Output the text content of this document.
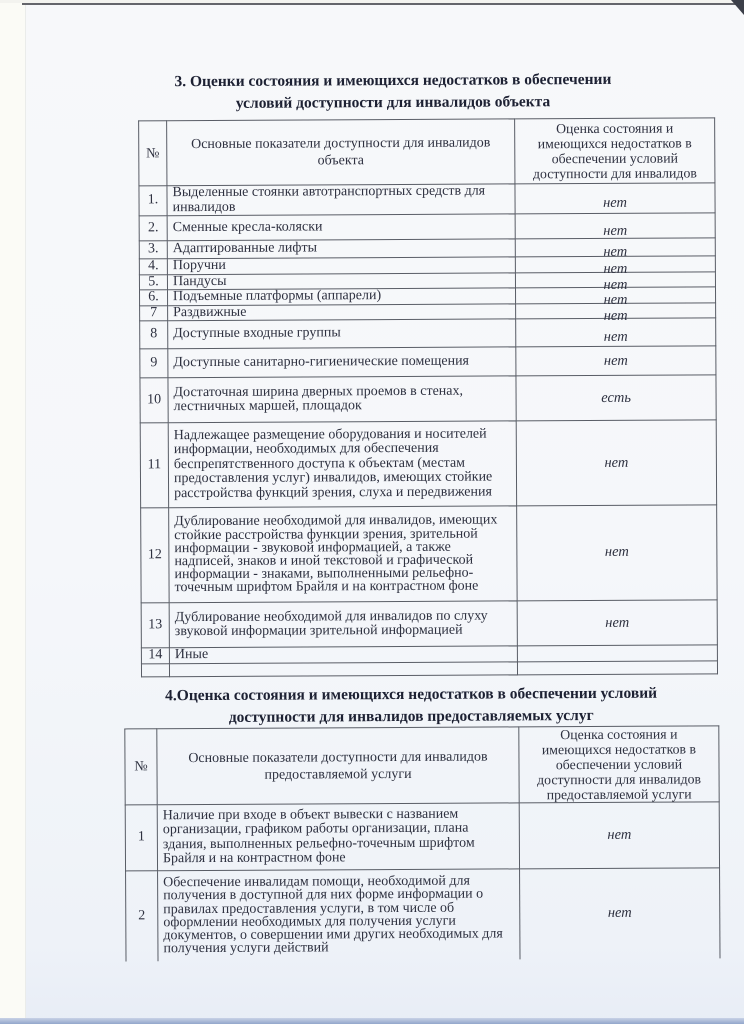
3. Оценки состояния и имеющихся недостатков в обеспечении
условий доступности для инвалидов объекта
№	Основные показатели доступности для инвалидов объекта	Оценка состояния и имеющихся недостатков в обеспечении условий доступности для инвалидов
1.	Выделенные стоянки автотранспортных средств для инвалидов	нет
2.	Сменные кресла-коляски	нет
3.	Адаптированные лифты	нет
4.	Поручни	нет
5.	Пандусы	нет
6.	Подъемные платформы (аппарели)	нет
7	Раздвижные	нет
8	Доступные входные группы	нет
9	Доступные санитарно-гигиенические помещения	нет
10	Достаточная ширина дверных проемов в стенах, лестничных маршей, площадок	есть
11	Надлежащее размещение оборудования и носителей информации, необходимых для обеспечения беспрепятственного доступа к объектам (местам предоставления услуг) инвалидов, имеющих стойкие расстройства функций зрения, слуха и передвижения	нет
12	Дублирование необходимой для инвалидов, имеющих стойкие расстройства функции зрения, зрительной информации - звуковой информацией, а также надписей, знаков и иной текстовой и графической информации - знаками, выполненными рельефно-точечным шрифтом Брайля и на контрастном фоне	нет
13	Дублирование необходимой для инвалидов по слуху звуковой информации зрительной информацией	нет
14	Иные	

4.Оценка состояния и имеющихся недостатков в обеспечении условий
доступности для инвалидов предоставляемых услуг
№	Основные показатели доступности для инвалидов предоставляемой услуги	Оценка состояния и имеющихся недостатков в обеспечении условий доступности для инвалидов предоставляемой услуги
1	Наличие при входе в объект вывески с названием организации, графиком работы организации, плана здания, выполненных рельефно-точечным шрифтом Брайля и на контрастном фоне	нет
2	Обеспечение инвалидам помощи, необходимой для получения в доступной для них форме информации о правилах предоставления услуги, в том числе об оформлении необходимых для получения услуги документов, о совершении ими других необходимых для получения услуги действий	нет
